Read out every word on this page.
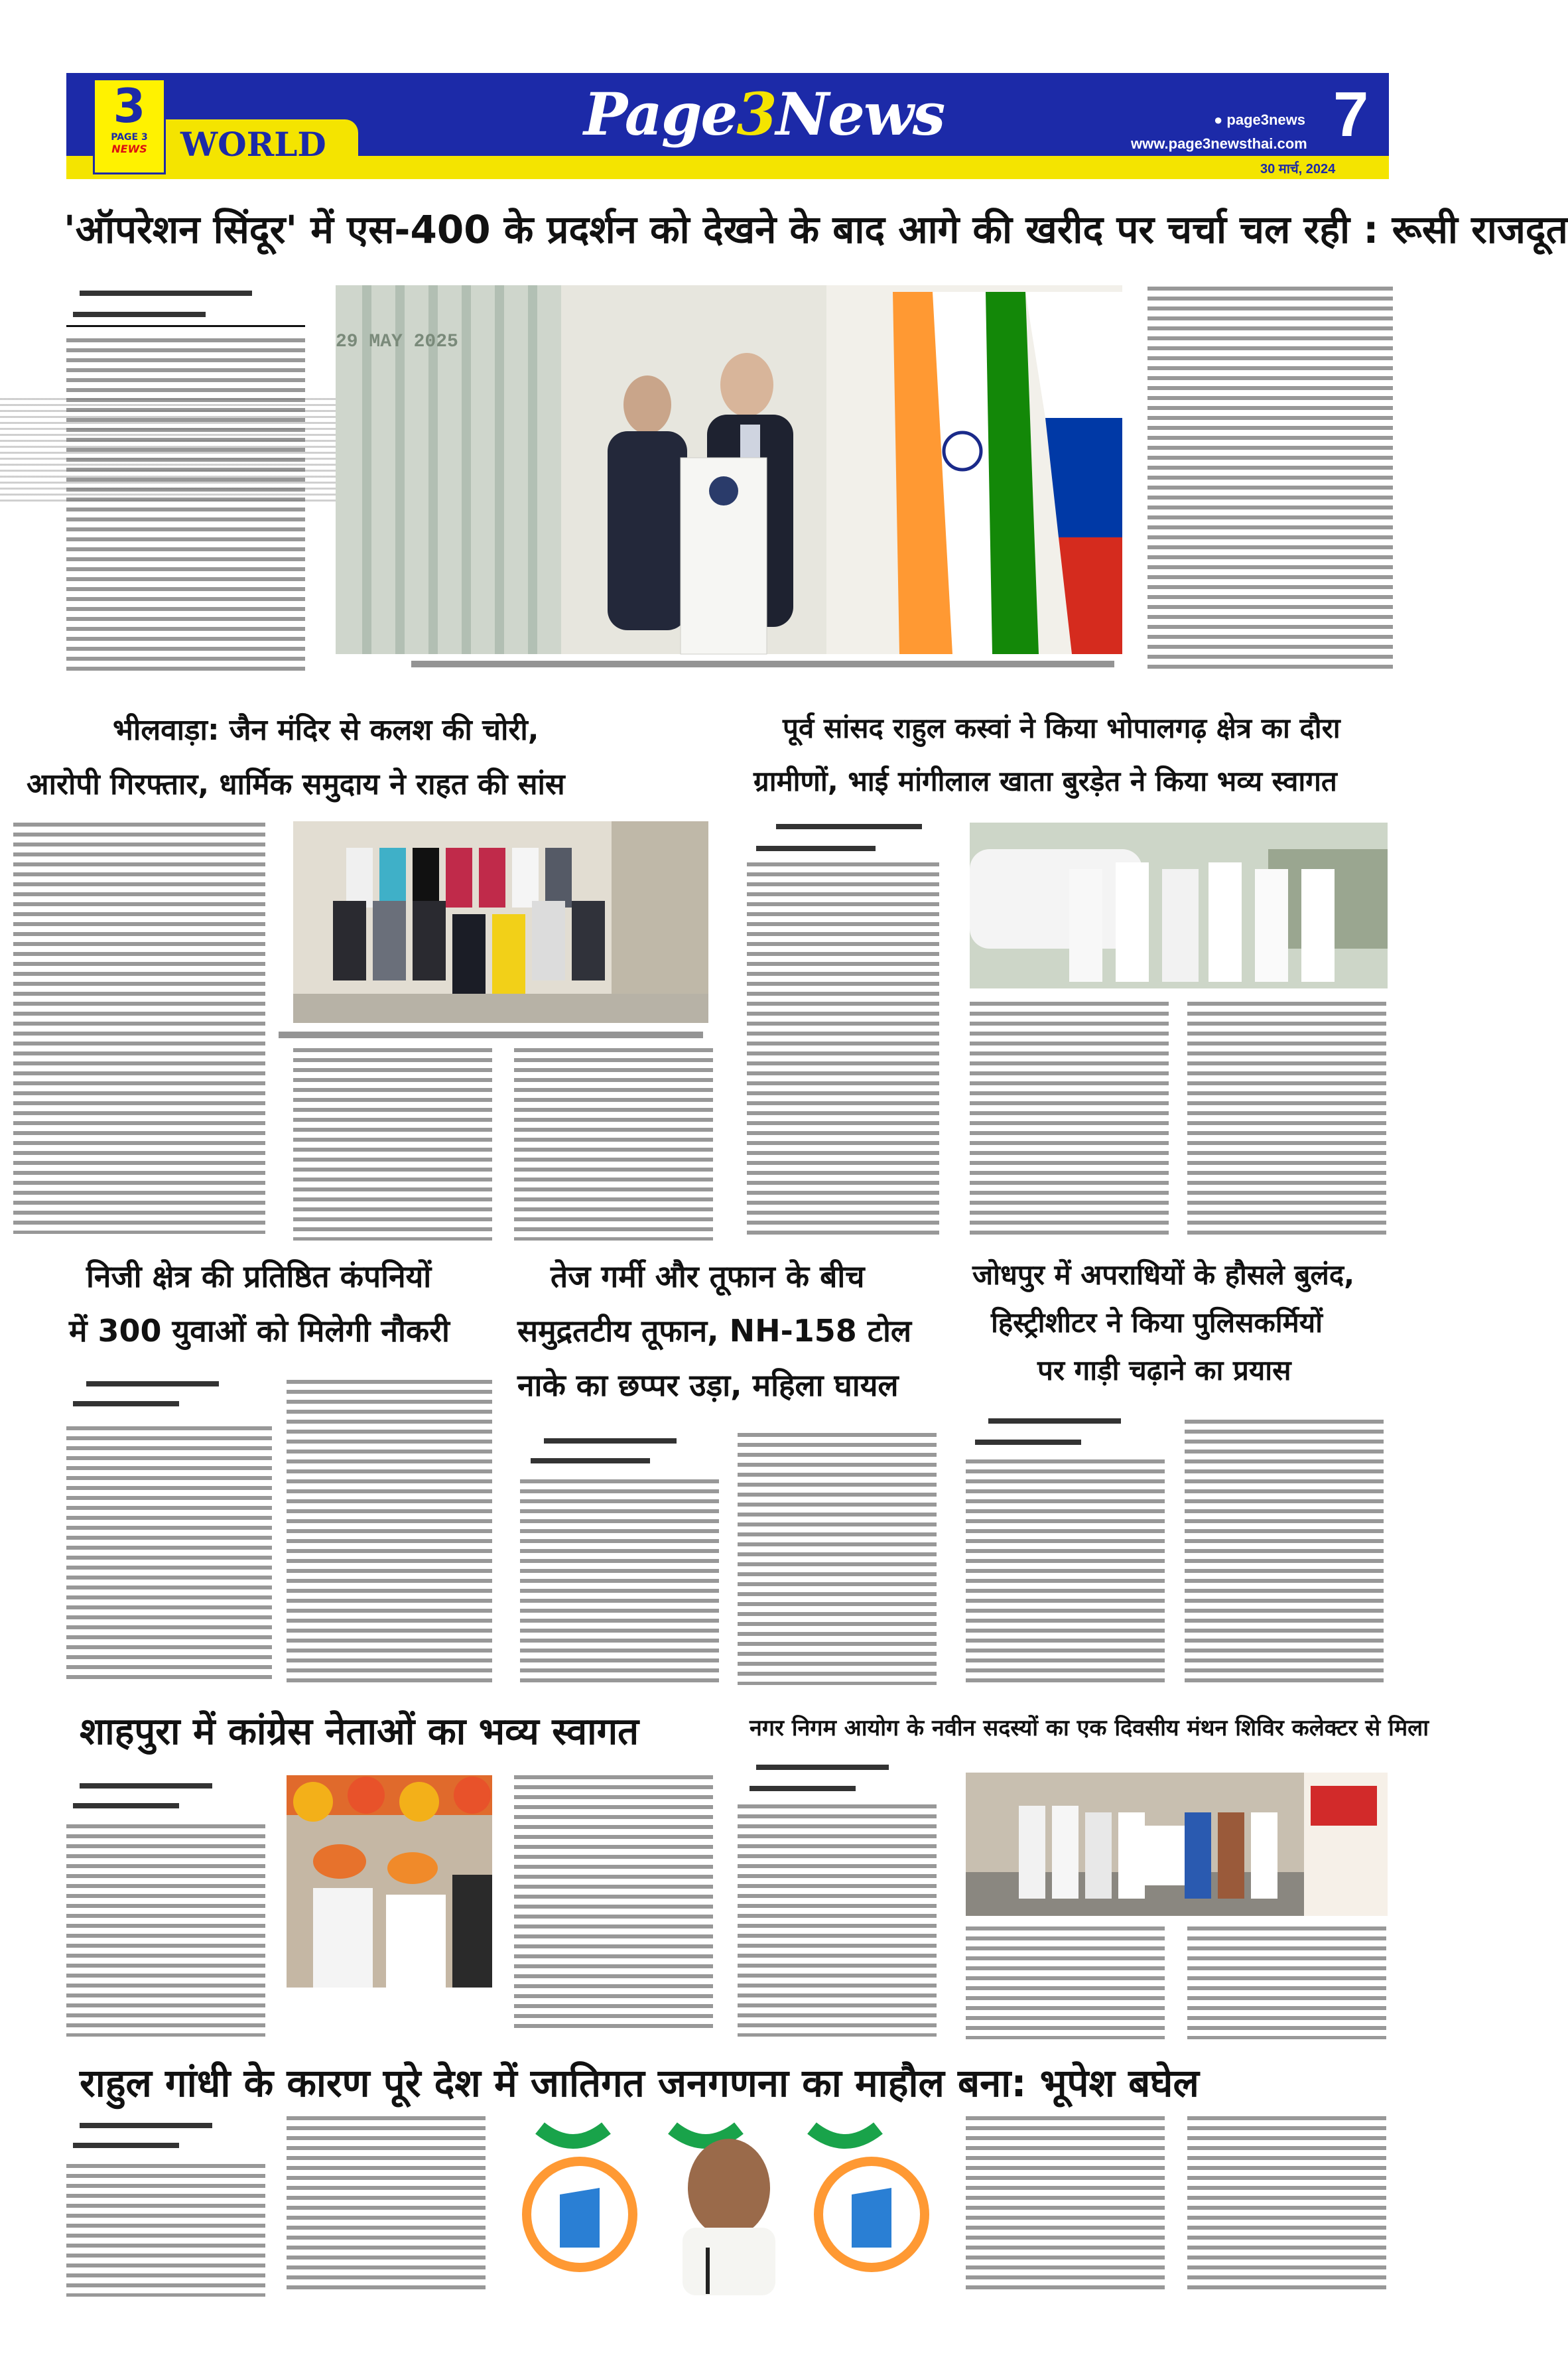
3
PAGE 3
NEWS	WORLD	Page3News	● page3news
www.page3newsthai.com 7
30 मार्च, 2024
'ऑपरेशन सिंदूर' में एस-400 के प्रदर्शन को देखने के बाद आगे की खरीद पर चर्चा चल रही : रूसी राजदूत
29 MAY 2025
भीलवाड़ा: जैन मंदिर से कलश की चोरी,
आरोपी गिरफ्तार, धार्मिक समुदाय ने राहत की सांस
पूर्व सांसद राहुल कस्वां ने किया भोपालगढ़ क्षेत्र का दौरा
ग्रामीणों, भाई मांगीलाल खाता बुरड़ेत ने किया भव्य स्वागत
निजी क्षेत्र की प्रतिष्ठित कंपनियों
में 300 युवाओं को मिलेगी नौकरी
तेज गर्मी और तूफान के बीच
समुद्रतटीय तूफान, NH-158 टोल
नाके का छप्पर उड़ा, महिला घायल
जोधपुर में अपराधियों के हौसले बुलंद,
हिस्ट्रीशीटर ने किया पुलिसकर्मियों
पर गाड़ी चढ़ाने का प्रयास
शाहपुरा में कांग्रेस नेताओं का भव्य स्वागत	नगर निगम आयोग के नवीन सदस्यों का एक दिवसीय मंथन शिविर कलेक्टर से मिला
राहुल गांधी के कारण पूरे देश में जातिगत जनगणना का माहौल बना: भूपेश बघेल
